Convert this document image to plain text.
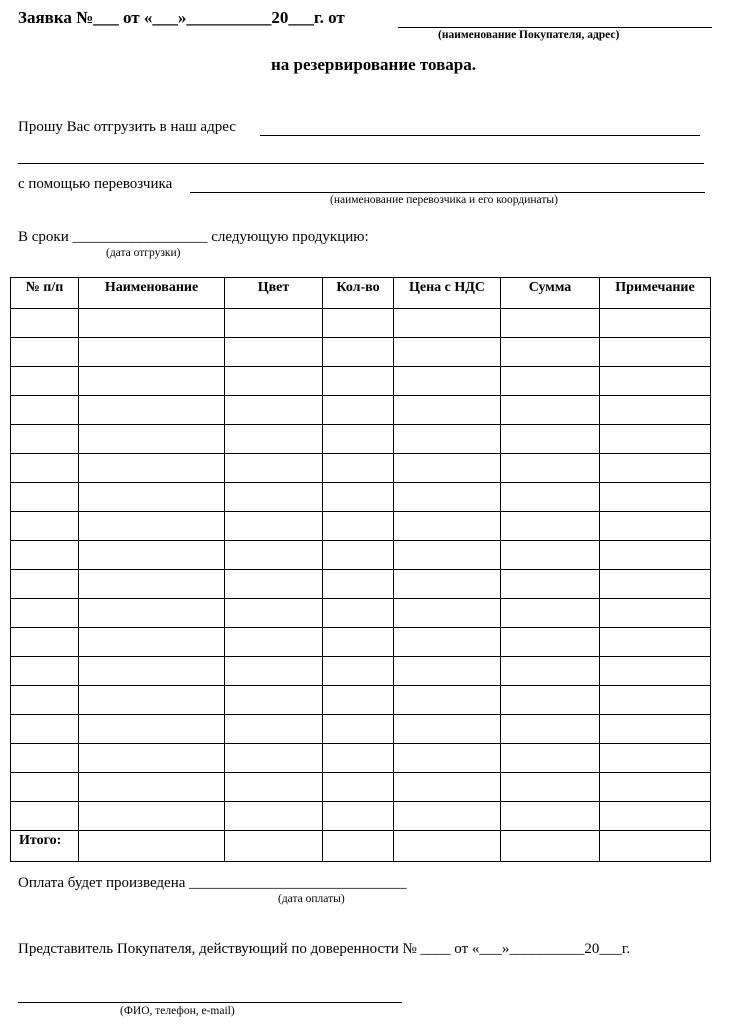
Заявка №___ от «___»__________20___г. от
(наименование Покупателя, адрес)
на резервирование товара.
Прошу Вас отгрузить в наш адрес
с помощью перевозчика
(наименование перевозчика и его координаты)
В сроки __________________ следующую продукцию:
(дата отгрузки)
№ п/п	Наименование	Цвет	Кол-во	Цена с НДС	Сумма	Примечание

Итого:						
Оплата будет произведена _____________________________
(дата оплаты)
Представитель Покупателя, действующий по доверенности № ____ от «___»__________20___г.
(ФИО, телефон, e-mail)
